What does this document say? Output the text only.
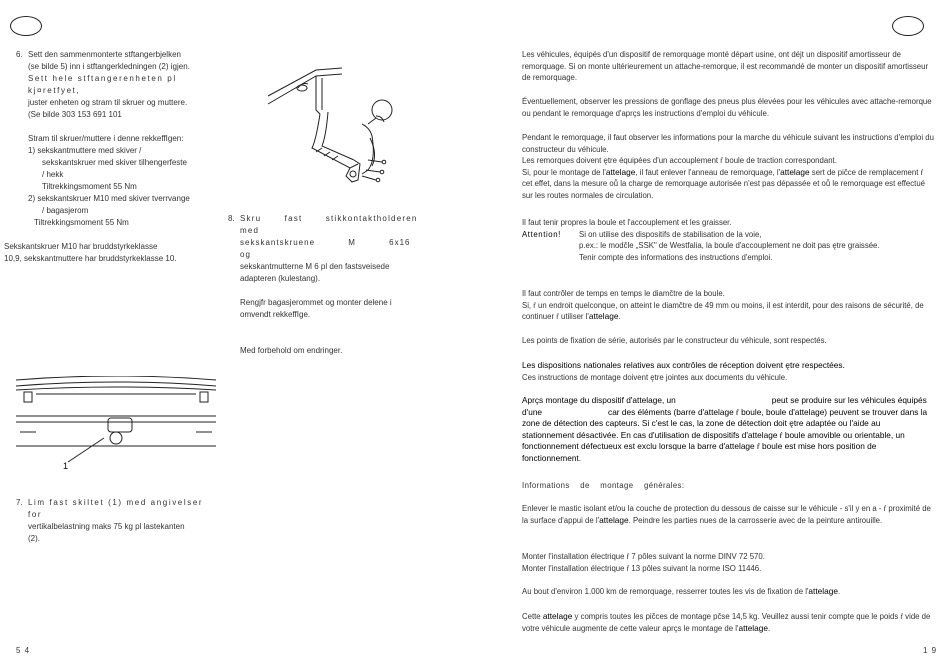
6. Sett den sammenmonterte stftangerbjelken

(se bilde 5) inn i stftangerkledningen (2) igjen.

Sett hele stftangerenheten pl kj¤retfyet,

juster enheten og stram til skruer og muttere.

(Se bilde 303 153 691 101

Stram til skruer/muttere i denne rekkeffIgen:

1) sekskantmuttere med skiver /

sekskantskruer med skiver tilhengerfeste

/ hekk

Tiltrekkingsmoment 55 Nm

2) sekskantskruer M10 med skiver tverrvange

/ bagasjerom

Tiltrekkingsmoment 55 Nm

Sekskantskruer M10 har bruddstyrkeklasse

10,9, sekskantmuttere har bruddstyrkeklasse 10.

8. Skru fast stikkontaktholderen med

sekskantskruene M 6x16 og

sekskantmutterne M 6 pl den fastsveisede

adapteren (kulestang).

Rengjfr bagasjerommet og monter delene i

omvendt rekkeffIge.

Med forbehold om endringer.

1
7. Lim fast skiltet (1) med angivelser for

vertikalbelastning maks 75 kg pl lastekanten

(2).

5 4

Les véhicules, équipés d'un dispositif de remorquage monté départ usine, ont déjt un dispositif amortisseur de remorquage. Si on monte ultérieurement un attache-remorque, il est recommandé de monter un dispositif amortisseur de remorquage.

Éventuellement, observer les pressions de gonflage des pneus plus élevées pour les véhicules avec attache-remorque ou pendant le remorquage d'aprçs les instructions d'emploi du véhicule.

Pendant le remorquage, il faut observer les informations pour la marche du véhicule suivant les instructions d'emploi du constructeur du véhicule.

Les remorques doivent ętre équipées d'un accouplement ŕ boule de traction correspondant.

Si, pour le montage de l'attelage, il faut enlever l'anneau de remorquage, l'attelage sert de pičce de remplacement ŕ cet effet, dans la mesure oů la charge de remorquage autorisée n'est pas dépassée et oů le remorquage est effectué sur les routes normales de circulation.

Il faut tenir propres la boule et l'accouplement et les graisser.

Attention! Si on utilise des dispositifs de stabilisation de la voie,

p.ex.: le modčle „SSK" de Westfalia, la boule d'accouplement ne doit pas ętre graissée.

Tenir compte des informations des instructions d'emploi.

Il faut contrôler de temps en temps le diamčtre de la boule.

Si, ŕ un endroit quelconque, on atteint le diamčtre de 49 mm ou moins, il est interdit, pour des raisons de sécurité, de continuer ŕ utiliser l'attelage.

Les points de fixation de série, autorisés par le constructeur du véhicule, sont respectés.

Les dispositions nationales relatives aux contrôles de réception doivent ętre respectées.

Ces instructions de montage doivent ętre jointes aux documents du véhicule.

Aprçs montage du dispositif d'attelage, un	peut se produire sur les véhicules équipés d'une	car des éléments (barre d'attelage ŕ boule, boule d'attelage) peuvent se trouver dans la zone de détection des capteurs. Si c'est le cas, la zone de détection doit ętre adaptée ou l'aide au stationnement désactivée. En cas d'utilisation de dispositifs d'attelage ŕ boule amovible ou orientable, un fonctionnement défectueux est exclu lorsque la barre d'attelage ŕ boule est mise hors position de fonctionnement.

Informations de montage générales:

Enlever le mastic isolant et/ou la couche de protection du dessous de caisse sur le véhicule - s'il y en a - ŕ proximité de la surface d'appui de l'attelage. Peindre les parties nues de la carrosserie avec de la peinture antirouille.

Monter l'installation électrique ŕ 7 pôles suivant la norme DINV 72 570.

Monter l'installation électrique ŕ 13 pôles suivant la norme ISO 11446.

Au bout d'environ 1.000 km de remorquage, resserrer toutes les vis de fixation de l'attelage.

Cette attelage y compris toutes les pičces de montage pčse 14,5 kg. Veuillez aussi tenir compte que le poids ŕ vide de votre véhicule augmente de cette valeur aprçs le montage de l'attelage.

1 9
